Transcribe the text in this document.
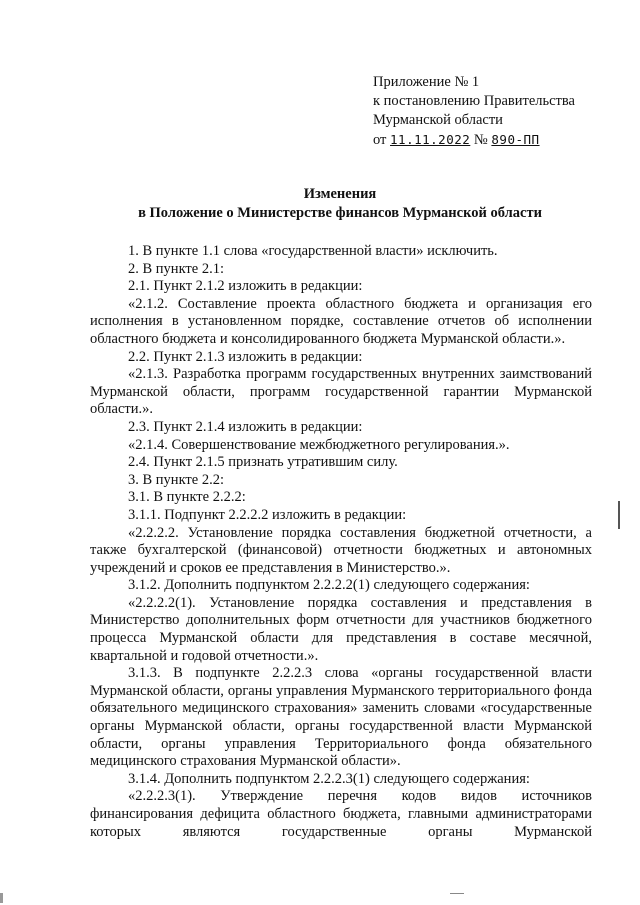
Приложение № 1
к постановлению Правительства
Мурманской области
от 11.11.2022 № 890-ПП
Изменения
в Положение о Министерстве финансов Мурманской области

1. В пункте 1.1 слова «государственной власти» исключить.

2. В пункте 2.1:

2.1. Пункт 2.1.2 изложить в редакции:

«2.1.2. Составление проекта областного бюджета и организация его исполнения в установленном порядке, составление отчетов об исполнении областного бюджета и консолидированного бюджета Мурманской области.».

2.2. Пункт 2.1.3 изложить в редакции:

«2.1.3. Разработка программ государственных внутренних заимствований Мурманской области, программ государственной гарантии Мурманской области.».

2.3. Пункт 2.1.4 изложить в редакции:

«2.1.4. Совершенствование межбюджетного регулирования.».

2.4. Пункт 2.1.5 признать утратившим силу.

3. В пункте 2.2:

3.1. В пункте 2.2.2:

3.1.1. Подпункт 2.2.2.2 изложить в редакции:

«2.2.2.2. Установление порядка составления бюджетной отчетности, а также бухгалтерской (финансовой) отчетности бюджетных и автономных учреждений и сроков ее представления в Министерство.».

3.1.2. Дополнить подпунктом 2.2.2.2(1) следующего содержания:

«2.2.2.2(1). Установление порядка составления и представления в Министерство дополнительных форм отчетности для участников бюджетного процесса Мурманской области для представления в составе месячной, квартальной и годовой отчетности.».

3.1.3. В подпункте 2.2.2.3 слова «органы государственной власти Мурманской области, органы управления Мурманского территориального фонда обязательного медицинского страхования» заменить словами «государственные органы Мурманской области, органы государственной власти Мурманской области, органы управления Территориального фонда обязательного медицинского страхования Мурманской области».

3.1.4. Дополнить подпунктом 2.2.2.3(1) следующего содержания:

«2.2.2.3(1). Утверждение перечня кодов видов источников финансирования дефицита областного бюджета, главными администраторами которых являются государственные органы Мурманской
